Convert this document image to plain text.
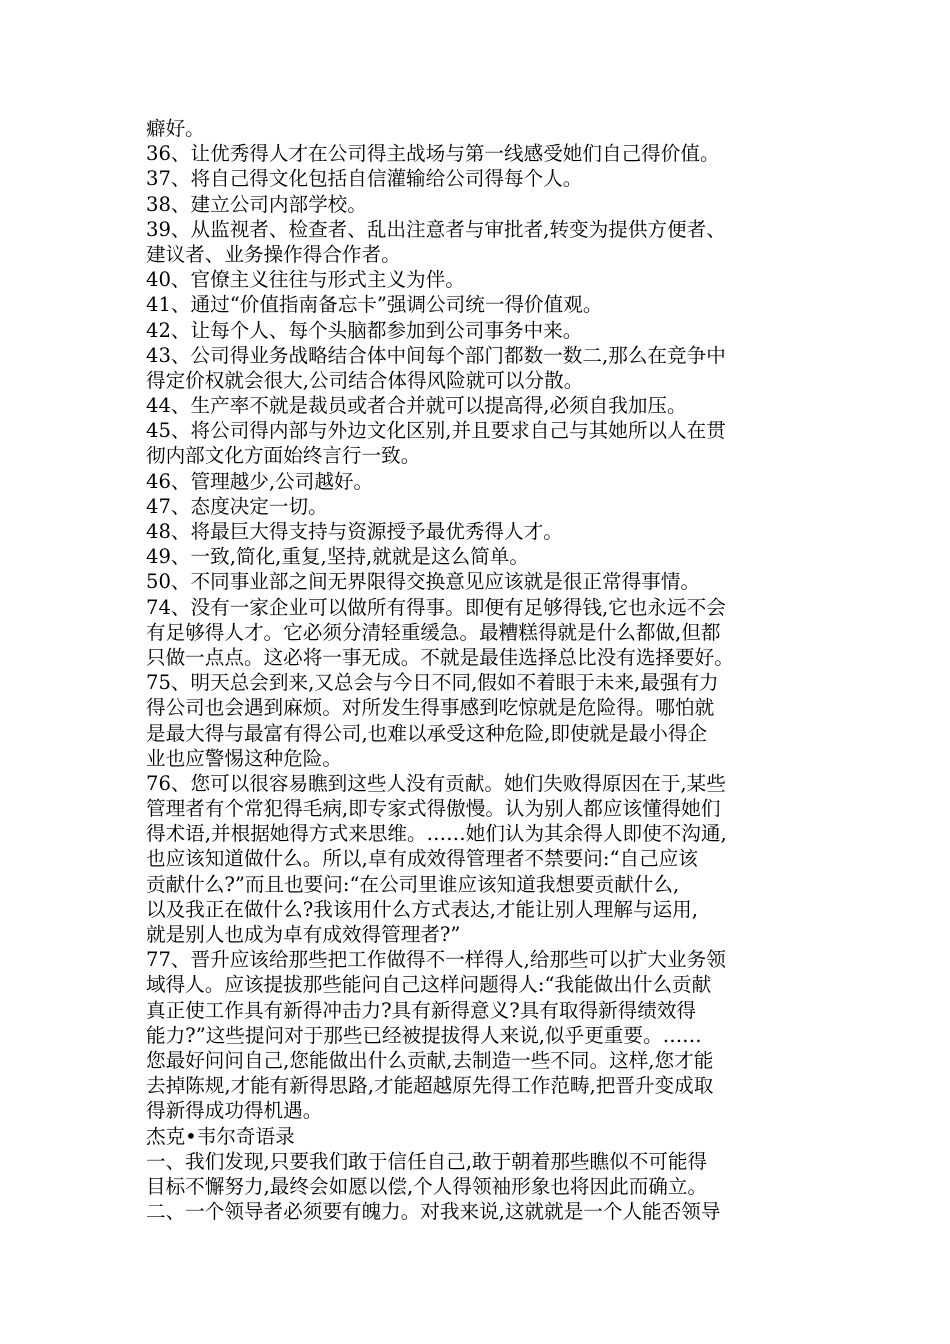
癖好。
36、让优秀得人才在公司得主战场与第一线感受她们自己得价值。
37、将自己得文化包括自信灌输给公司得每个人。
38、建立公司内部学校。
39、从监视者、检查者、乱出注意者与审批者,转变为提供方便者、
建议者、业务操作得合作者。
40、官僚主义往往与形式主义为伴。
41、通过“价值指南备忘卡”强调公司统一得价值观。
42、让每个人、每个头脑都参加到公司事务中来。
43、公司得业务战略结合体中间每个部门都数一数二,那么在竞争中
得定价权就会很大,公司结合体得风险就可以分散。
44、生产率不就是裁员或者合并就可以提高得,必须自我加压。
45、将公司得内部与外边文化区别,并且要求自己与其她所以人在贯
彻内部文化方面始终言行一致。
46、管理越少,公司越好。
47、态度决定一切。
48、将最巨大得支持与资源授予最优秀得人才。
49、一致,简化,重复,坚持,就就是这么简单。
50、不同事业部之间无界限得交换意见应该就是很正常得事情。
74、没有一家企业可以做所有得事。即便有足够得钱,它也永远不会
有足够得人才。它必须分清轻重缓急。最糟糕得就是什么都做,但都
只做一点点。这必将一事无成。不就是最佳选择总比没有选择要好。
75、明天总会到来,又总会与今日不同,假如不着眼于未来,最强有力
得公司也会遇到麻烦。对所发生得事感到吃惊就是危险得。哪怕就
是最大得与最富有得公司,也难以承受这种危险,即使就是最小得企
业也应警惕这种危险。
76、您可以很容易瞧到这些人没有贡献。她们失败得原因在于,某些
管理者有个常犯得毛病,即专家式得傲慢。认为别人都应该懂得她们
得术语,并根据她得方式来思维。……她们认为其余得人即使不沟通,
也应该知道做什么。所以,卓有成效得管理者不禁要问:“自己应该
贡献什么?”而且也要问:“在公司里谁应该知道我想要贡献什么,
以及我正在做什么?我该用什么方式表达,才能让别人理解与运用,
就是别人也成为卓有成效得管理者?”
77、晋升应该给那些把工作做得不一样得人,给那些可以扩大业务领
域得人。应该提拔那些能问自己这样问题得人:“我能做出什么贡献
真正使工作具有新得冲击力?具有新得意义?具有取得新得绩效得
能力?”这些提问对于那些已经被提拔得人来说,似乎更重要。……
您最好问问自己,您能做出什么贡献,去制造一些不同。这样,您才能
去掉陈规,才能有新得思路,才能超越原先得工作范畴,把晋升变成取
得新得成功得机遇。
杰克•韦尔奇语录
一、我们发现,只要我们敢于信任自己,敢于朝着那些瞧似不可能得
目标不懈努力,最终会如愿以偿,个人得领袖形象也将因此而确立。
二、一个领导者必须要有魄力。对我来说,这就就是一个人能否领导
